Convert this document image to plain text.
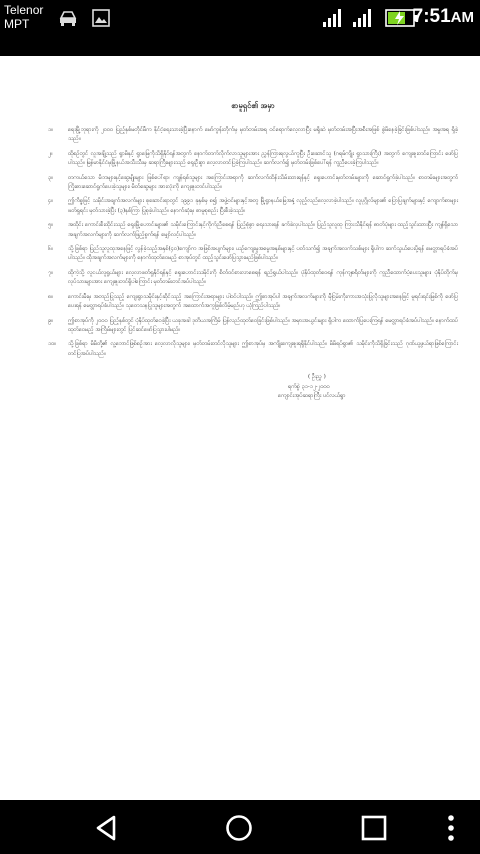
Telenor
MPT	7:51AM
စာမူရှင်၏ အမှာ
၁။	ရေးမြို့ဘုရားကို ၂၀၀၀ ပြည့်နှစ်မတိုင်မီက နိုင်ငံ့ရေးသားခဲ့ပြီးနောက် မော်ကွန်းတိုက်မှ မှတ်တမ်းအရ ဝင်ရောက်လေ့လာပြီး မရှိဆဲ မှတ်တမ်းအပြီးအစီးအဖြစ် စွဲမိနေခဲ့ခြင်းဖြစ်ပါသည်။ အမှုအရ ရှိခဲ့သည်။
၂။	ထိုစဉ်တွင် လူအချို့သည် ရွာမိနှင့် ရွာမြေကိုသိရှိနိုင်ရန်အတွက် နောက်တက်လိုက်လာသူများအား ညွှန်ကြားရလွယ်ကူပြီး ဦးဆောင်သူ (ဂရမ်ကျိုး ရွာသားကြီး) အတွက် ကျေးဇူးတင်ကြောင်း ဖော်ပြပါသည်။ မြန်မာနိုင်ငံမှမြို့နယ်အသီးသီးမှ ဆရာကြီးများသည် ရှေးဦးစွာ လေ့လာတင်ပြခဲ့ကြပါသည်။ ဆက်လက်၍ မှတ်တမ်းဖြစ်ပေါ်ရန် ကူညီပေးခဲ့ကြပါသည်။
၃။	တကယ်သော မိဘများနှင့်ဆွေမျိုးများ ဖြစ်ပေါ်ရာ၊ ကျန်ရစ်သူများ အကြောင်းအရာကို ဆက်လက်ထိန်းသိမ်းထားရန်နှင့် ရှေးဟောင်းမှတ်တမ်းများကို ဆောင်ရွက်ခဲ့ပါသည်။ စာတမ်းများအတွက် ကြိုးစားဆောင်ရွက်ပေးခဲ့သူများ၊ မိတ်ဆွေများ အားလုံးကို ကျေးဇူးတင်ပါသည်။
၄။	ဤကိစ္စဖြင့် သမိုင်းအချက်အလက်များ စုဆောင်းရာတွင် ၁၉၉၁ ခုနှစ်မှ စ၍ အဖွဲ့ဝင်များနှင့်အတူ မြို့ရွာနယ်မြေအနှံ့ လှည့်လည်လေ့လာခဲ့ပါသည်။ လူပုဂ္ဂိုလ်များ၏ ပြောပြချက်များနှင့် ကျောက်စာများ ဖတ်ရှုရင်း မှတ်သားခဲ့ပြီး (၃)နှစ်ကြာ ပြုစုခဲ့ပါသည်။ နောက်ဆုံးမှ စာမူစုစည်း ပြီးစီးခဲ့သည်။
၅။	အထိုင်း ကောင်းစီးထိုင်းသည် ရှေးမြို့ဟောင်းများ၏ သမိုင်းကြောင်းနှင့်ကိုက်ညီစေရန် ပြည့်စုံစွာ ရေးသားရန် ခက်ခဲလှပါသည်။ ပြည်သူလူထု ကြားသိနိုင်ရန် ဓာတ်ပုံများ ထည့်သွင်းထားပြီး ကျန်ရှိသော အချက်အလက်များကို ဆက်လက်ဖြည့်စွက်ရန် မျှော်လင့်ပါသည်။
၆။	သို့ဖြစ်ရာ ပြည်သူလူထုအနေဖြင့် လွန်ခဲ့သည့်အနှစ်(၄၀)ကျော်က အဖြစ်အပျက်များ၊ ယဉ်ကျေးမှုအမွေအနှစ်များနှင့် ပတ်သက်၍ အချက်အလက်သစ်များ ရှိပါက ဆက်သွယ်ပေးပို့ရန် မေတ္တာရပ်ခံအပ်ပါသည်။ ထိုအချက်အလက်များကို နောက်ထုတ်ဝေမည့် စာအုပ်တွင် ထည့်သွင်းဖော်ပြသွားမည်ဖြစ်ပါသည်။
၇။	ထိုကဲ့သို့ လူငယ်လူရွယ်များ လေ့လာဖတ်ရှုနိုင်ရန်နှင့် ရှေးဟောင်းသမိုင်းကို စိတ်ဝင်စားလာစေရန် ရည်ရွယ်ပါသည်။ ပုံနှိပ်ထုတ်ဝေရန် ကုန်ကျစရိတ်များကို ကူညီထောက်ပံ့ပေးသူများ၊ ပုံနှိပ်တိုက်မှ လုပ်သားများအား ကျေးဇူးတင်ရှိပါကြောင်း မှတ်တမ်းတင်အပ်ပါသည်။
၈။	ကောင်းမီးမှ အတည်ပြုသည့် ကျေးရွာသမိုင်းနှင့်ဆိုင်သည့် အကြောင်းအရာများ ပါဝင်ပါသည်။ ဤစာအုပ်ပါ အချက်အလက်များကို မှီငြမ်းကိုးကားအသုံးပြုလိုသူများအနေဖြင့် မူရင်းရင်းမြစ်ကို ဖော်ပြပေးရန် မေတ္တာရပ်ခံပါသည်။ သုတေသနပြုသူများအတွက် အထောက်အကူဖြစ်လိမ့်မည်ဟု ယုံကြည်ပါသည်။
၉။	ဤစာအုပ်ကို ၂၀၀၀ ပြည့်နှစ်တွင် ပုံနှိပ်ထုတ်ဝေခဲ့ပြီး ယခုအခါ ဒုတိယအကြိမ် ပြန်လည်ထုတ်ဝေခြင်းဖြစ်ပါသည်။ အမှားအယွင်းများ ရှိပါက ထောက်ပြပေးကြရန် မေတ္တာရပ်ခံအပ်ပါသည်။ နောက်ထပ်ထုတ်ဝေမည့် အကြိမ်များတွင် ပြင်ဆင်ဖော်ပြသွားပါမည်။
၁၀။	သို့ဖြစ်ရာ မိမိတို့၏ လူ့ဘောင်ဖြစ်စဉ်အား လေ့လာလိုသူများ၊ မှတ်တမ်းတင်လိုသူများ ဤစာအုပ်မှ အကျိုးကျေးဇူးရရှိနိုင်ပါသည်။ မိမိရပ်ရွာ၏ သမိုင်းကိုသိရှိခြင်းသည် ဂုဏ်ယူဖွယ်ရာဖြစ်ကြောင်း တင်ပြအပ်ပါသည်။
( ဦးညွှ )
ရက်စွဲ ၃၁-၁၂-၂၀၀၀
ကျောင်းအုပ်ဆရာကြီး ပင်လယ်ရွာ
